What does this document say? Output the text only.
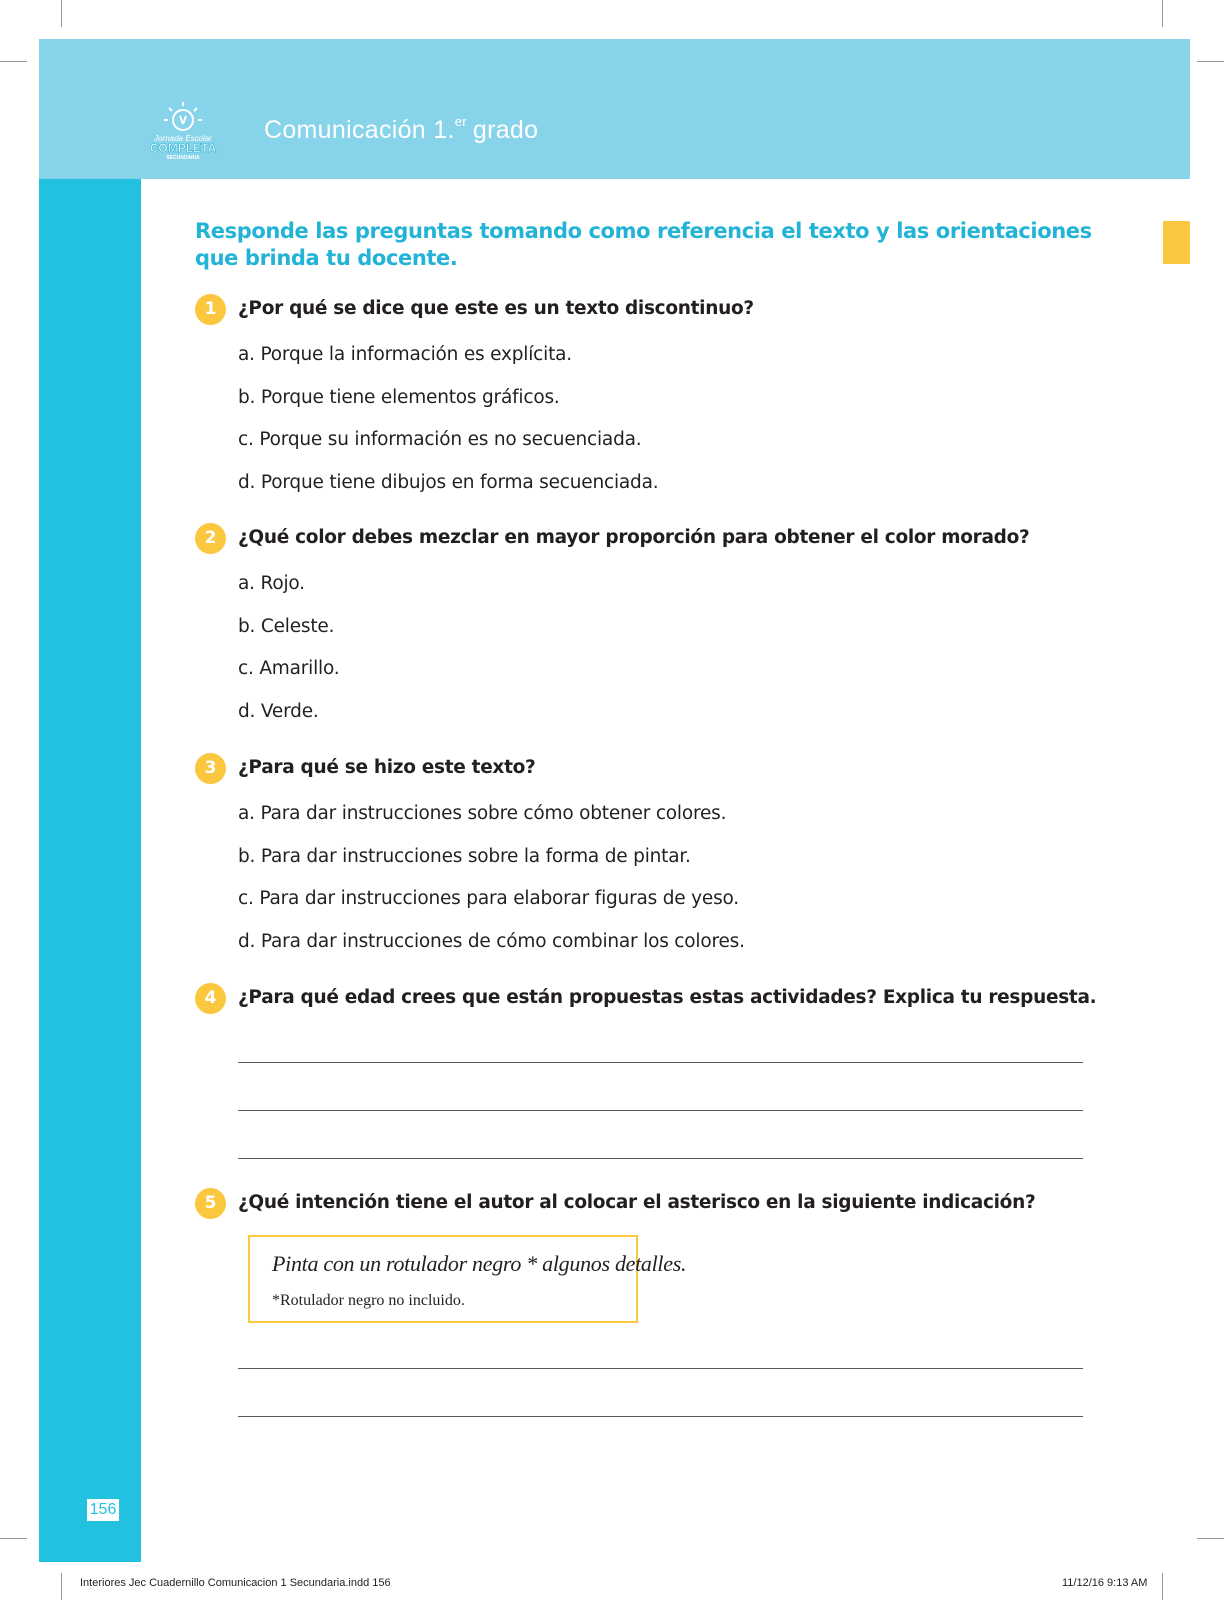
Jornada Escolar
COMPLETA
SECUNDARIA
Comunicación 1.$^{er}$ grado
156
Responde las preguntas tomando como referencia el texto y las orientaciones que brinda tu docente.
1	¿Por qué se dice que este es un texto discontinuo?
a. Porque la información es explícita.
b. Porque tiene elementos gráficos.
c. Porque su información es no secuenciada.
d. Porque tiene dibujos en forma secuenciada.
2	¿Qué color debes mezclar en mayor proporción para obtener el color morado?
a. Rojo.
b. Celeste.
c. Amarillo.
d. Verde.
3	¿Para qué se hizo este texto?
a. Para dar instrucciones sobre cómo obtener colores.
b. Para dar instrucciones sobre la forma de pintar.
c. Para dar instrucciones para elaborar figuras de yeso.
d. Para dar instrucciones de cómo combinar los colores.
4	¿Para qué edad crees que están propuestas estas actividades? Explica tu respuesta.
5	¿Qué intención tiene el autor al colocar el asterisco en la siguiente indicación?
Pinta con un rotulador negro * algunos detalles.
*Rotulador negro no incluido.
Interiores Jec Cuadernillo Comunicacion 1 Secundaria.indd 156	11/12/16 9:13 AM
